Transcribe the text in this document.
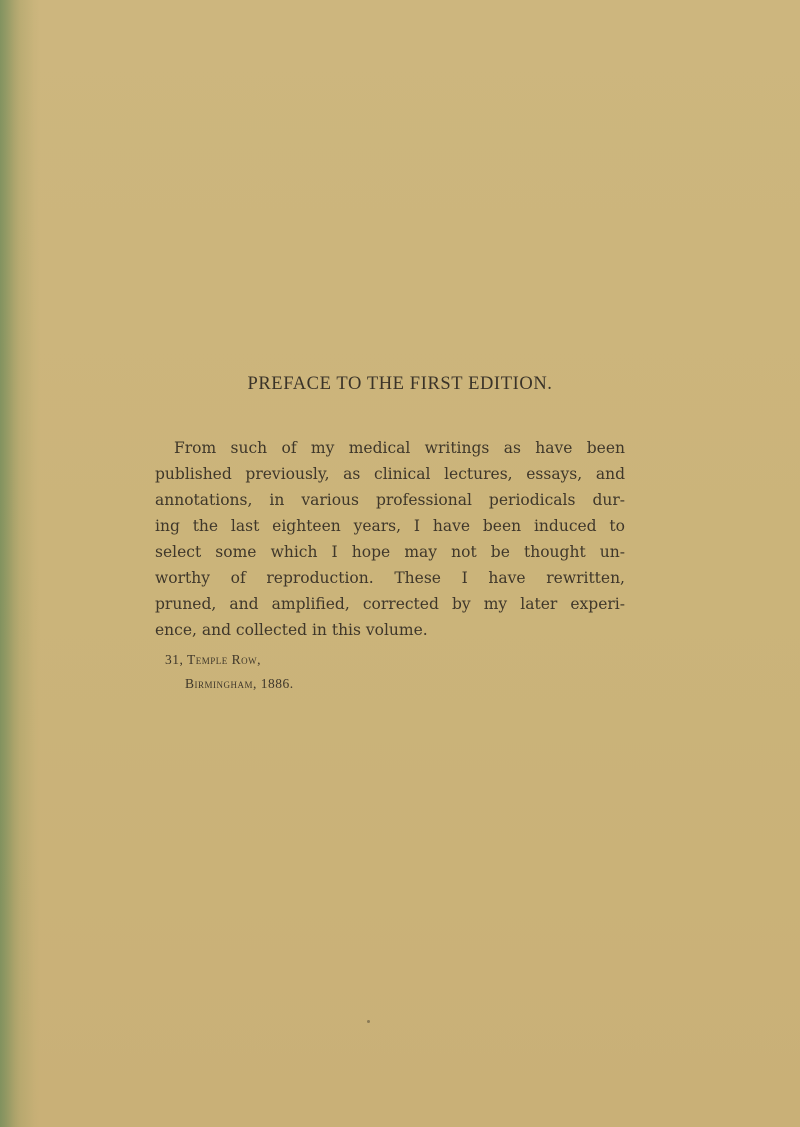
PREFACE TO THE FIRST EDITION.
From such of my medical writings as have been
published previously, as clinical lectures, essays, and
annotations, in various professional periodicals dur-
ing the last eighteen years, I have been induced to
select some which I hope may not be thought un-
worthy of reproduction. These I have rewritten,
pruned, and amplified, corrected by my later experi-
ence, and collected in this volume.
31, Temple Row,
Birmingham, 1886.
